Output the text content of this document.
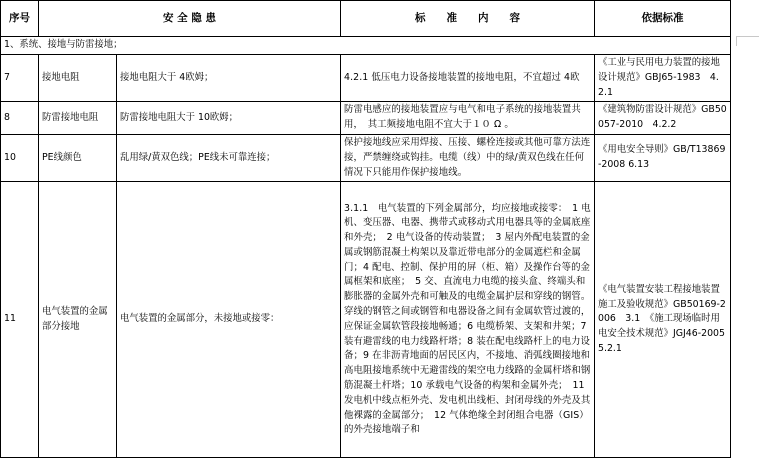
序号	安 全 隐 患		标　　准　　内　　容	依据标准
1、系统、接地与防雷接地；				
7	接地电阻	接地电阻大于 4欧姆；	4.2.1 低压电力设备接地装置的接地电阻，不宜超过 4欧	《工业与民用电力装置的接地设计规范》GBJ65-1983　4.2.1
8	防雷接地电阻	防雷接地电阻大于 10欧姆；	防雷电感应的接地装置应与电气和电子系统的接地装置共用，　其工频接地电阻不宜大于１０ Ω 。	《建筑物防雷设计规范》GB50057-2010　4.2.2
10	PE线颜色	乱用绿/黄双色线；PE线未可靠连接；	保护接地线应采用焊接、压接、螺栓连接或其他可靠方法连接，严禁缠绕或钩挂。电缆（线）中的绿/黄双色线在任何情况下只能用作保护接地线。	《用电安全导则》GB/T13869-2008 6.13
11	电气装置的金属部分接地	电气装置的金属部分，未接地或接零：	3.1.1　电气装置的下列金属部分，均应接地或接零：　1 电机、变压器、电器、携带式或移动式用电器具等的金属底座和外壳；　2 电气设备的传动装置；　3 屋内外配电装置的金属或钢筋混凝土构架以及靠近带电部分的金属遮栏和金属门；4 配电、控制、保护用的屏（柜、箱）及操作台等的金属框架和底座；　5 交、直流电力电缆的接头盒、终端头和膨胀器的金属外壳和可触及的电缆金属护层和穿线的钢管。穿线的钢管之间或钢管和电器设备之间有金属软管过渡的，应保证金属软管段接地畅通；6 电缆桥架、支架和井架；7　装有避雷线的电力线路杆塔；8 装在配电线路杆上的电力设备；9 在非沥青地面的居民区内，不接地、消弧线圈接地和高电阻接地系统中无避雷线的架空电力线路的金属杆塔和钢筋混凝土杆塔；10 承载电气设备的构架和金属外壳；　11 发电机中线点柜外壳、发电机出线柜、封闭母线的外壳及其他裸露的金属部分；　12 气体绝缘全封闭组合电器（GIS）的外壳接地端子和	《电气装置安装工程接地装置施工及验收规范》GB50169-2006　3.1　《施工现场临时用电安全技术规范》JGJ46-2005　　5.2.1
